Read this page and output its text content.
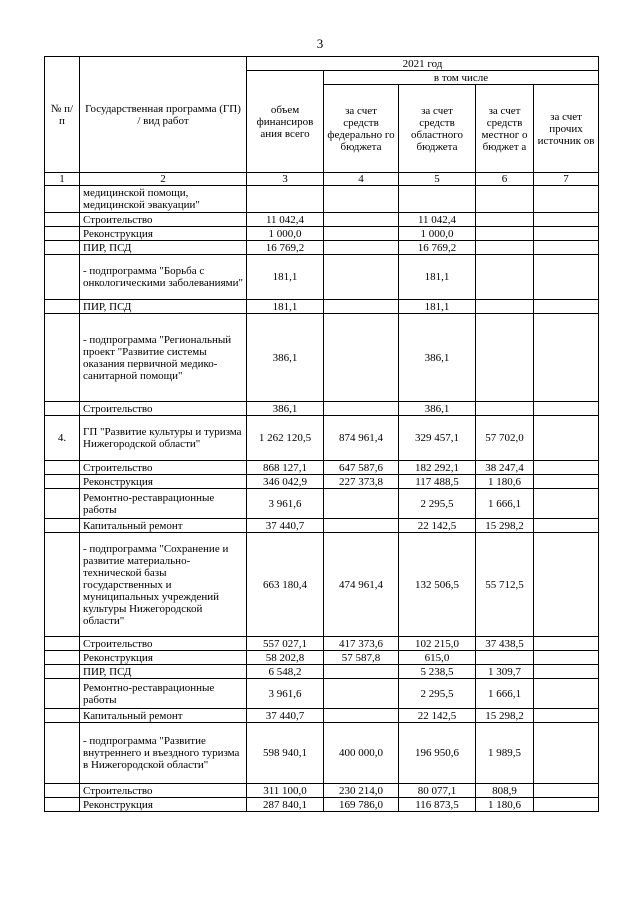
3
№ п/п	Государственная программа (ГП) / вид работ	2021 год				
		объем финансиров ания всего	в том числе			
			за счет средств федерально го бюджета	за счет средств областного бюджета	за счет средств местног о бюджет а	за счет прочих источник ов
1	2	3	4	5	6	7
	медицинской помощи, медицинской эвакуации"					
	Строительство	11 042,4		11 042,4		
	Реконструкция	1 000,0		1 000,0		
	ПИР, ПСД	16 769,2		16 769,2		
	- подпрограмма "Борьба с онкологическими заболеваниями"	181,1		181,1		
	ПИР, ПСД	181,1		181,1		
	- подпрограмма "Региональный проект "Развитие системы оказания первичной медико-санитарной помощи"	386,1		386,1		
	Строительство	386,1		386,1		
4.	ГП "Развитие культуры и туризма Нижегородской области"	1 262 120,5	874 961,4	329 457,1	57 702,0	
	Строительство	868 127,1	647 587,6	182 292,1	38 247,4	
	Реконструкция	346 042,9	227 373,8	117 488,5	1 180,6	
	Ремонтно-реставрационные работы	3 961,6		2 295,5	1 666,1	
	Капитальный ремонт	37 440,7		22 142,5	15 298,2	
	- подпрограмма "Сохранение и развитие материально-технической базы государственных и муниципальных учреждений культуры Нижегородской области"	663 180,4	474 961,4	132 506,5	55 712,5	
	Строительство	557 027,1	417 373,6	102 215,0	37 438,5	
	Реконструкция	58 202,8	57 587,8	615,0		
	ПИР, ПСД	6 548,2		5 238,5	1 309,7	
	Ремонтно-реставрационные работы	3 961,6		2 295,5	1 666,1	
	Капитальный ремонт	37 440,7		22 142,5	15 298,2	
	- подпрограмма "Развитие внутреннего и въездного туризма в Нижегородской области"	598 940,1	400 000,0	196 950,6	1 989,5	
	Строительство	311 100,0	230 214,0	80 077,1	808,9	
	Реконструкция	287 840,1	169 786,0	116 873,5	1 180,6	
